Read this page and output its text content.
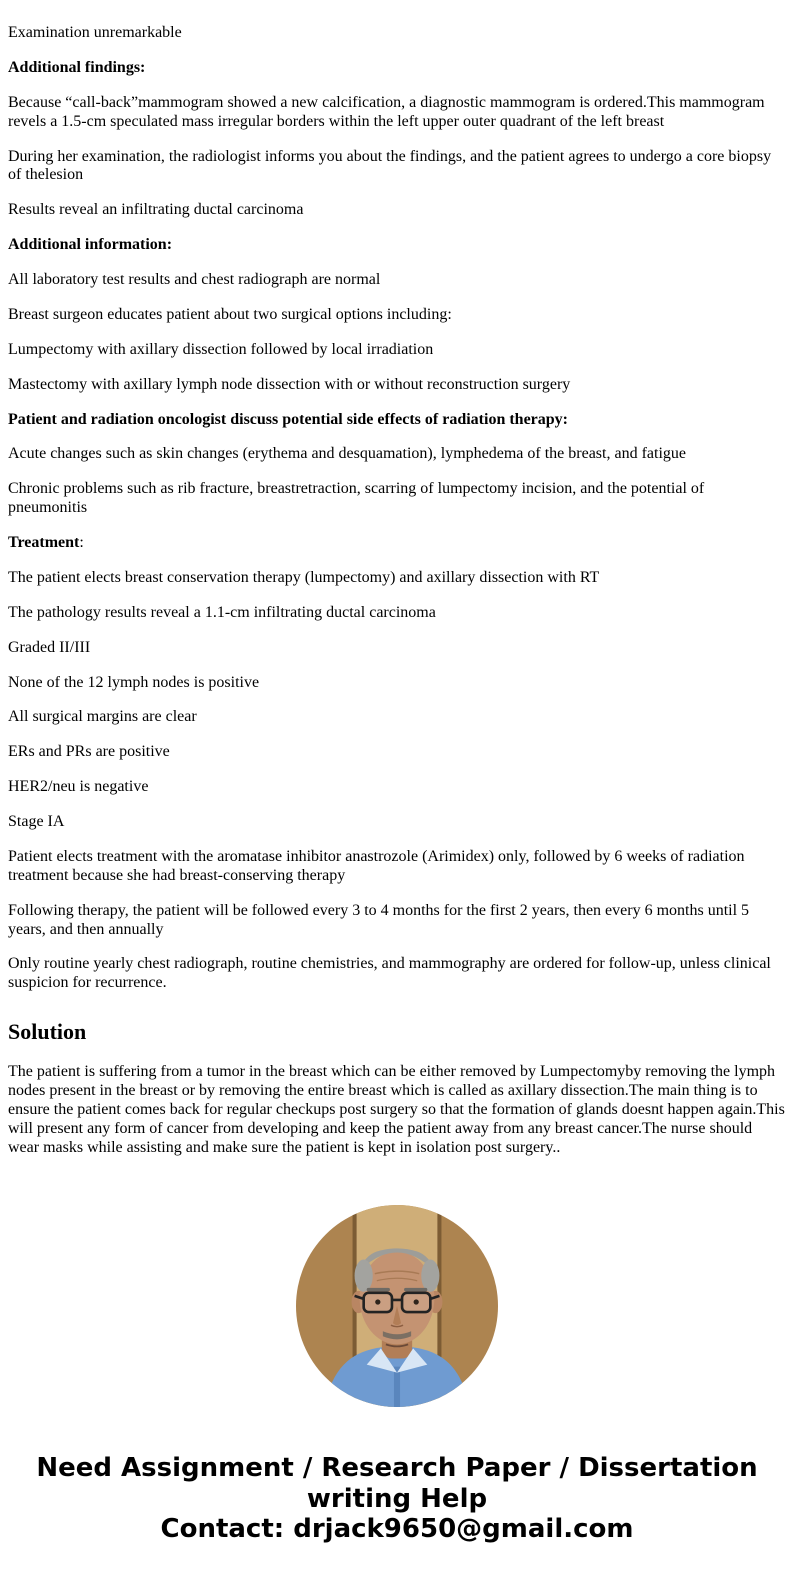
Examination unremarkable

Additional findings:

Because “call-back”mammogram showed a new calcification, a diagnostic mammogram is ordered.This mammogram revels a 1.5-cm speculated mass irregular borders within the left upper outer quadrant of the left breast

During her examination, the radiologist informs you about the findings, and the patient agrees to undergo a core biopsy of thelesion

Results reveal an infiltrating ductal carcinoma

Additional information:

All laboratory test results and chest radiograph are normal

Breast surgeon educates patient about two surgical options including:

Lumpectomy with axillary dissection followed by local irradiation

Mastectomy with axillary lymph node dissection with or without reconstruction surgery

Patient and radiation oncologist discuss potential side effects of radiation therapy:

Acute changes such as skin changes (erythema and desquamation), lymphedema of the breast, and fatigue

Chronic problems such as rib fracture, breastretraction, scarring of lumpectomy incision, and the potential of pneumonitis

Treatment:

The patient elects breast conservation therapy (lumpectomy) and axillary dissection with RT

The pathology results reveal a 1.1-cm infiltrating ductal carcinoma

Graded II/III

None of the 12 lymph nodes is positive

All surgical margins are clear

ERs and PRs are positive

HER2/neu is negative

Stage IA

Patient elects treatment with the aromatase inhibitor anastrozole (Arimidex) only, followed by 6 weeks of radiation treatment because she had breast-conserving therapy

Following therapy, the patient will be followed every 3 to 4 months for the first 2 years, then every 6 months until 5 years, and then annually

Only routine yearly chest radiograph, routine chemistries, and mammography are ordered for follow-up, unless clinical suspicion for recurrence.

Solution

The patient is suffering from a tumor in the breast which can be either removed by Lumpectomyby removing the lymph nodes present in the breast or by removing the entire breast which is called as axillary dissection.The main thing is to ensure the patient comes back for regular checkups post surgery so that the formation of glands doesnt happen again.This will present any form of cancer from developing and keep the patient away from any breast cancer.The nurse should wear masks while assisting and make sure the patient is kept in isolation post surgery..

Need Assignment / Research Paper / Dissertation
writing Help
Contact: drjack9650@gmail.com
